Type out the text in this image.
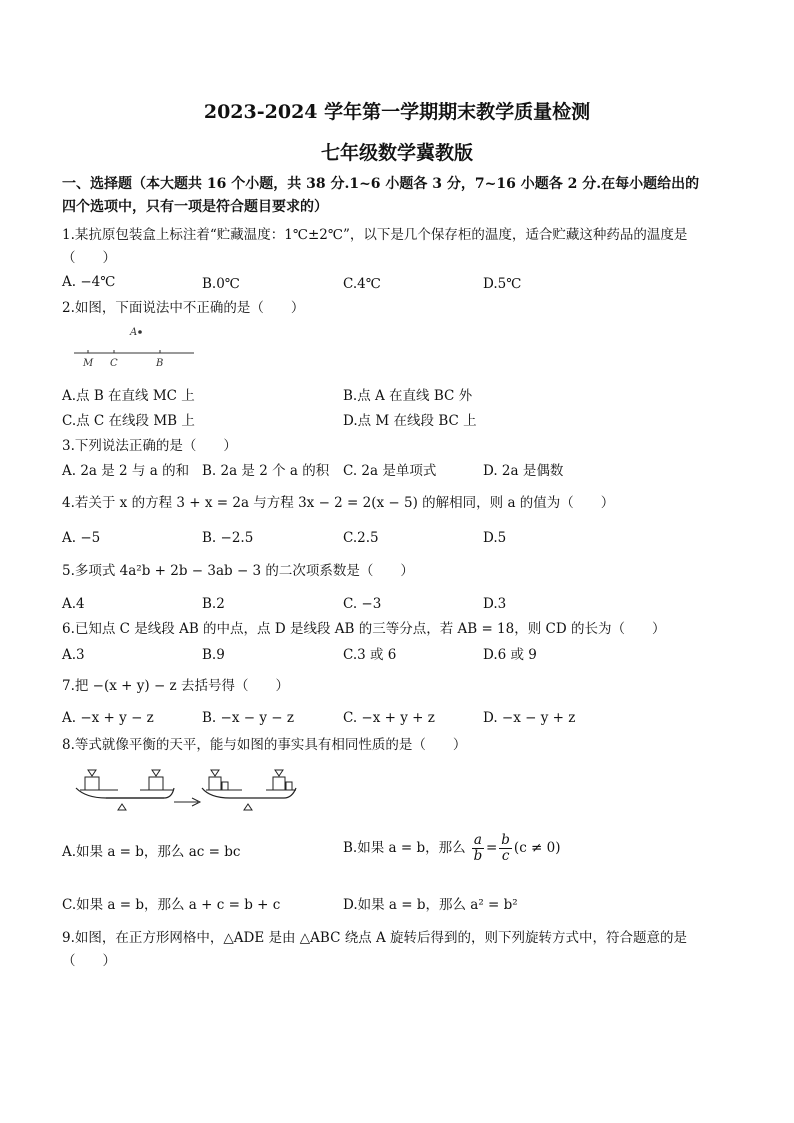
2023-2024 学年第一学期期末教学质量检测
七年级数学冀教版
一、选择题（本大题共 16 个小题，共 38 分.1~6 小题各 3 分，7~16 小题各 2 分.在每小题给出的
四个选项中，只有一项是符合题目要求的）
1.某抗原包装盒上标注着“贮藏温度：1℃±2℃”，以下是几个保存柜的温度，适合贮藏这种药品的温度是
（　　）
A. −4℃	B.0℃	C.4℃	D.5℃
2.如图，下面说法中不正确的是（　　）
A
M C	B
A.点 B 在直线 MC 上	B.点 A 在直线 BC 外
C.点 C 在线段 MB 上	D.点 M 在线段 BC 上
3.下列说法正确的是（　　）
A. 2a 是 2 与 a 的和 B. 2a 是 2 个 a 的积 C. 2a 是单项式	D. 2a 是偶数
4.若关于 x 的方程 3 + x = 2a 与方程 3x − 2 = 2(x − 5) 的解相同，则 a 的值为（　　）
A. −5	B. −2.5	C.2.5	D.5
5.多项式 4a²b + 2b − 3ab − 3 的二次项系数是（　　）
A.4	B.2	C. −3	D.3
6.已知点 C 是线段 AB 的中点，点 D 是线段 AB 的三等分点，若 AB = 18，则 CD 的长为（　　）
A.3	B.9	C.3 或 6	D.6 或 9
7.把 −(x + y) − z 去括号得（　　）
A. −x + y − z	B. −x − y − z	C. −x + y + z	D. −x − y + z
8.等式就像平衡的天平，能与如图的事实具有相同性质的是（　　）
A.如果 a = b，那么 ac = bc	B.如果 a = b，那么 $\frac{a}{b} = \frac{b}{c} (c \ne 0)$
C.如果 a = b，那么 a + c = b + c	D.如果 a = b，那么 a² = b²
9.如图，在正方形网格中，△ADE 是由 △ABC 绕点 A 旋转后得到的，则下列旋转方式中，符合题意的是
（　　）
